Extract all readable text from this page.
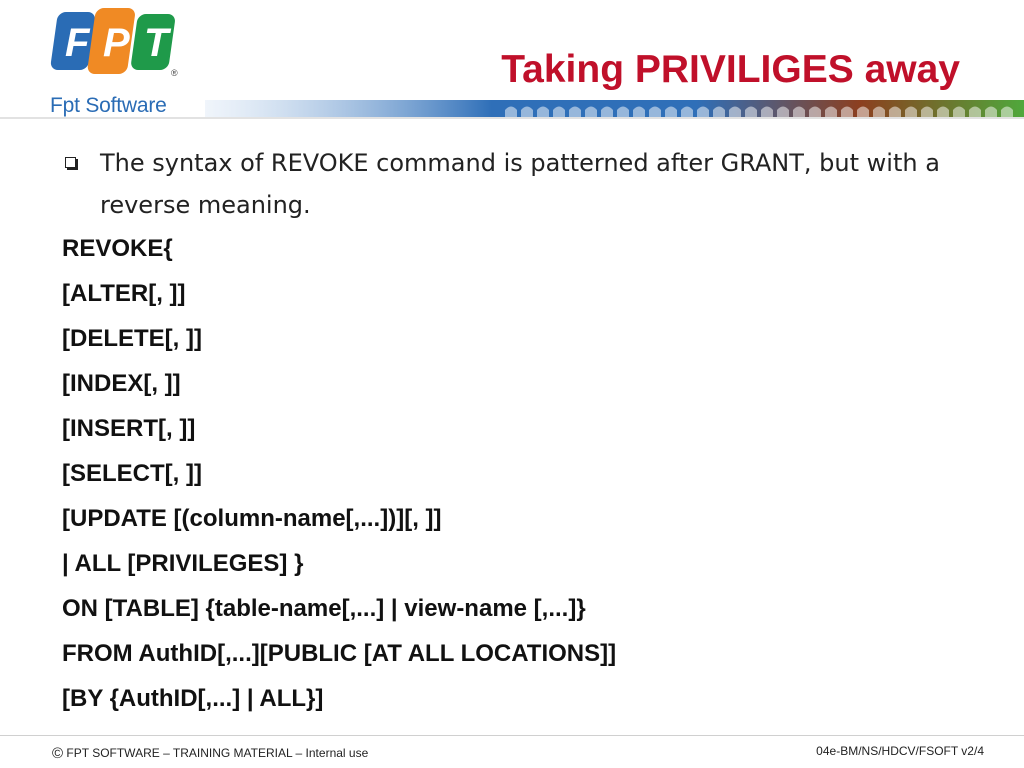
F P T
®
Fpt Software
Taking PRIVILIGES away
The syntax of REVOKE command is patterned after GRANT, but with a reverse meaning.
REVOKE{
[ALTER[, ]]
[DELETE[, ]]
[INDEX[, ]]
[INSERT[, ]]
[SELECT[, ]]
[UPDATE [(column-name[,...])][, ]]
| ALL [PRIVILEGES] }
ON [TABLE] {table-name[,...] | view-name [,...]}
FROM AuthID[,...][PUBLIC [AT ALL LOCATIONS]]
[BY {AuthID[,...] | ALL}]
© FPT SOFTWARE – TRAINING MATERIAL – Internal use	04e-BM/NS/HDCV/FSOFT v2/4
